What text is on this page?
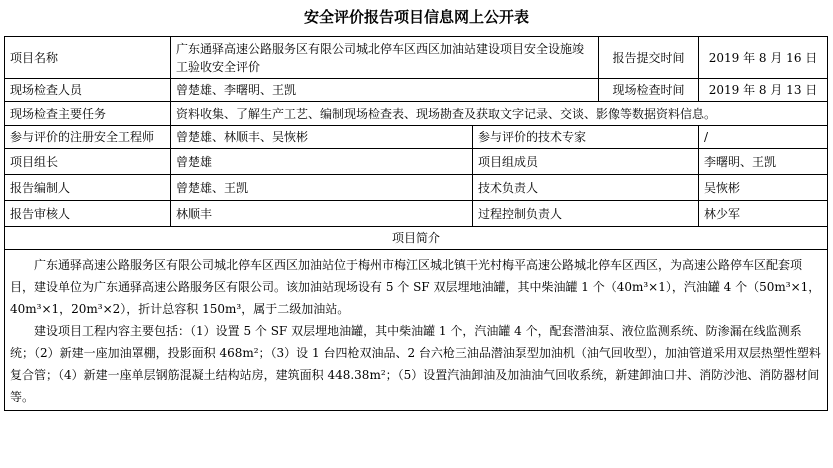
安全评价报告项目信息网上公开表
项目名称	广东通驿高速公路服务区有限公司城北停车区西区加油站建设项目安全设施竣工验收安全评价		报告提交时间	2019 年 8 月 16 日
现场检查人员	曾楚雄、李曙明、王凯		现场检查时间	2019 年 8 月 13 日
现场检查主要任务	资料收集、了解生产工艺、编制现场检查表、现场勘查及获取文字记录、交谈、影像等数据资料信息。			
参与评价的注册安全工程师	曾楚雄、林顺丰、吴恢彬	参与评价的技术专家		/
项目组长	曾楚雄	项目组成员		李曙明、王凯
报告编制人	曾楚雄、王凯	技术负责人		吴恢彬
报告审核人	林顺丰	过程控制负责人		林少军
项目简介				

广东通驿高速公路服务区有限公司城北停车区西区加油站位于梅州市梅江区城北镇干光村梅平高速公路城北停车区西区，为高速公路停车区配套项目，建设单位为广东通驿高速公路服务区有限公司。该加油站现场设有 5 个 SF 双层埋地油罐，其中柴油罐 1 个（40m³×1），汽油罐 4 个（50m³×1，40m³×1，20m³×2），折计总容积 150m³，属于二级加油站。

建设项目工程内容主要包括：（1）设置 5 个 SF 双层埋地油罐，其中柴油罐 1 个，汽油罐 4 个，配套潜油泵、液位监测系统、防渗漏在线监测系统；（2）新建一座加油罩棚，投影面积 468m²；（3）设 1 台四枪双油品、2 台六枪三油品潜油泵型加油机（油气回收型），加油管道采用双层热塑性塑料复合管；（4）新建一座单层钢筋混凝土结构站房，建筑面积 448.38m²；（5）设置汽油卸油及加油油气回收系统，新建卸油口井、消防沙池、消防器材间等。				
